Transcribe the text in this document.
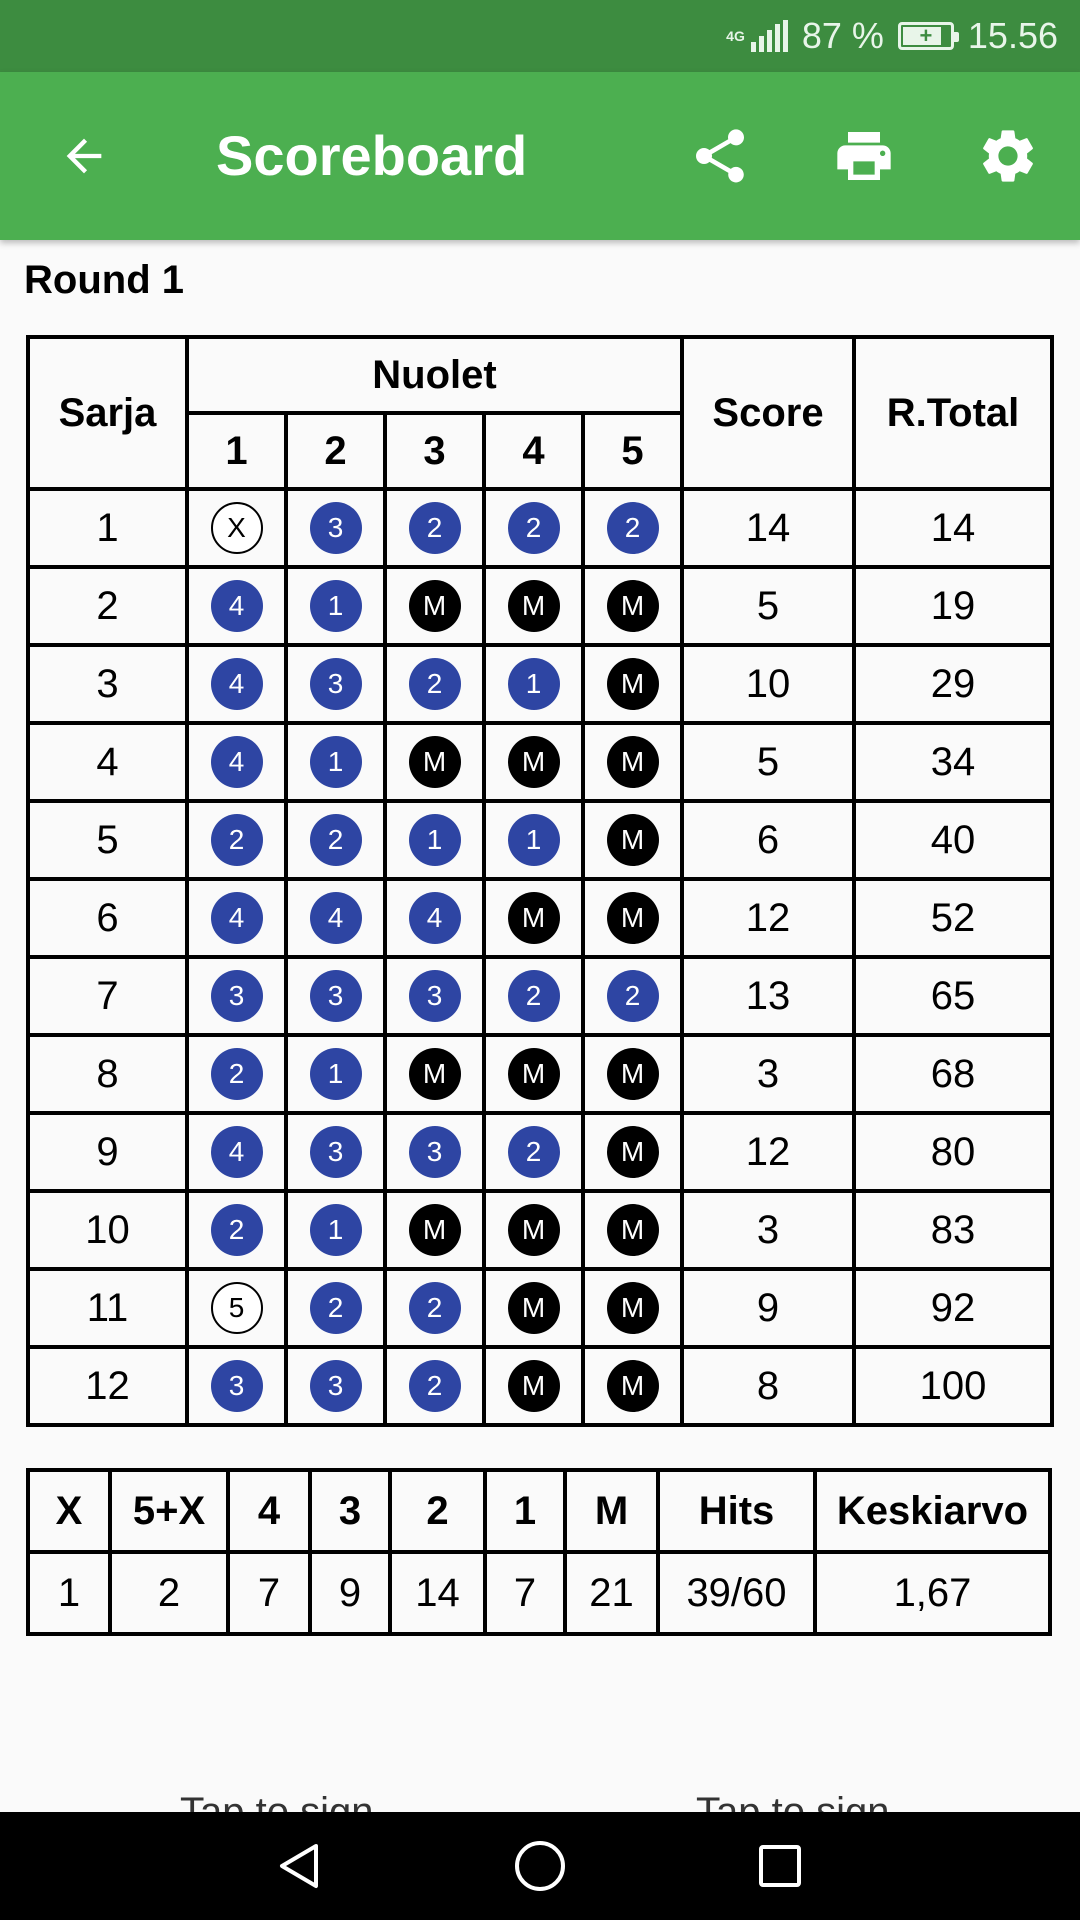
4G 87 % + 15.56
Scoreboard
Round 1
Sarja	Nuolet					Score	R.Total
	1	2	3	4	5		
1	X	3	2	2	2	14	14
2	4	1	M	M	M	5	19
3	4	3	2	1	M	10	29
4	4	1	M	M	M	5	34
5	2	2	1	1	M	6	40
6	4	4	4	M	M	12	52
7	3	3	3	2	2	13	65
8	2	1	M	M	M	3	68
9	4	3	3	2	M	12	80
10	2	1	M	M	M	3	83
11	5	2	2	M	M	9	92
12	3	3	2	M	M	8	100
X	5+X	4	3	2	1	M	Hits	Keskiarvo
1	2	7	9	14	7	21	39/60	1,67
